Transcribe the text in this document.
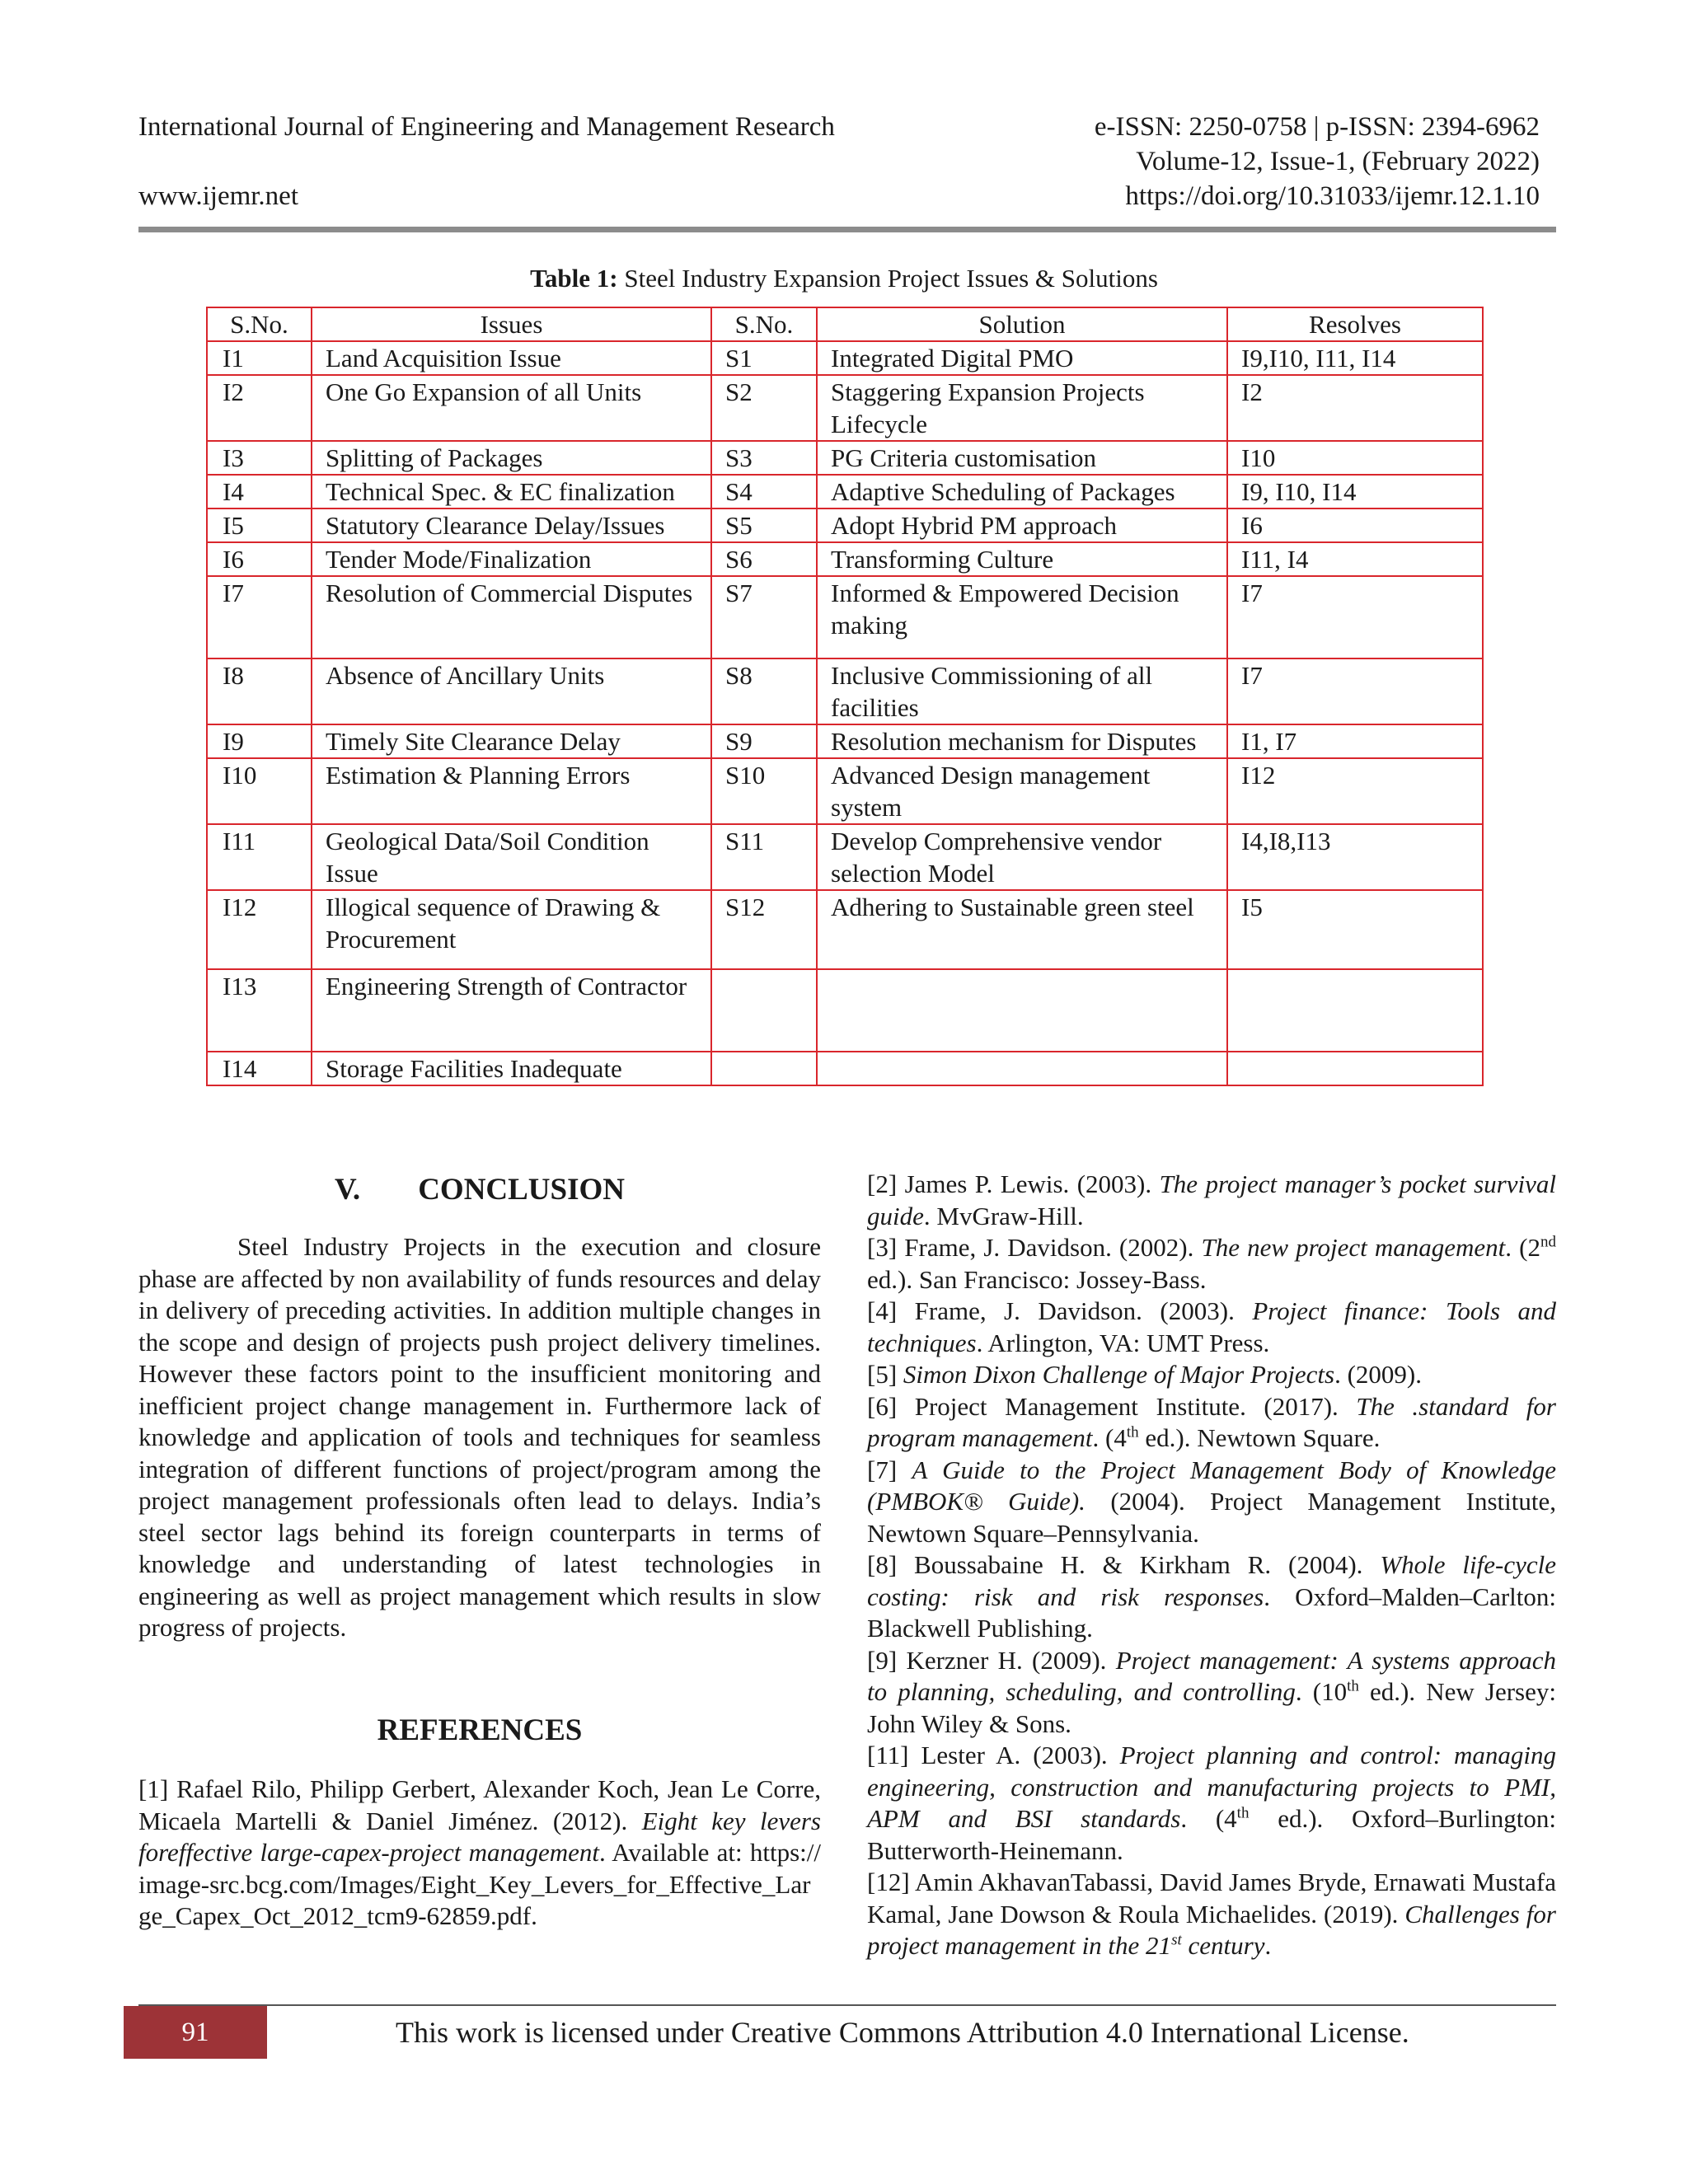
International Journal of Engineering and Management Research
www.ijemr.net
e-ISSN: 2250-0758 | p-ISSN: 2394-6962
Volume-12, Issue-1, (February 2022)
https://doi.org/10.31033/ijemr.12.1.10
Table 1: Steel Industry Expansion Project Issues & Solutions
S.No.	Issues	S.No.	Solution	Resolves
I1	Land Acquisition Issue	S1	Integrated Digital PMO	I9,I10, I11, I14
I2	One Go Expansion of all Units	S2	Staggering Expansion Projects Lifecycle	I2
I3	Splitting of Packages	S3	PG Criteria customisation	I10
I4	Technical Spec. & EC finalization	S4	Adaptive Scheduling of Packages	I9, I10, I14
I5	Statutory Clearance Delay/Issues	S5	Adopt Hybrid PM approach	I6
I6	Tender Mode/Finalization	S6	Transforming Culture	I11, I4
I7	Resolution of Commercial Disputes	S7	Informed & Empowered Decision making	I7
I8	Absence of Ancillary Units	S8	Inclusive Commissioning of all facilities	I7
I9	Timely Site Clearance Delay	S9	Resolution mechanism for Disputes	I1, I7
I10	Estimation & Planning Errors	S10	Advanced Design management system	I12
I11	Geological Data/Soil Condition Issue	S11	Develop Comprehensive vendor selection Model	I4,I8,I13
I12	Illogical sequence of Drawing & Procurement	S12	Adhering to Sustainable green steel	I5
I13	Engineering Strength of Contractor			
I14	Storage Facilities Inadequate			
V. CONCLUSION

Steel Industry Projects in the execution and closure phase are affected by non availability of funds resources and delay in delivery of preceding activities. In addition multiple changes in the scope and design of projects push project delivery timelines. However these factors point to the insufficient monitoring and inefficient project change management in. Furthermore lack of knowledge and application of tools and techniques for seamless integration of different functions of project/program among the project management professionals often lead to delays. India’s steel sector lags behind its foreign counterparts in terms of knowledge and understanding of latest technologies in engineering as well as project management which results in slow progress of projects.

REFERENCES

[1] Rafael Rilo, Philipp Gerbert, Alexander Koch, Jean Le Corre, Micaela Martelli & Daniel Jiménez. (2012). Eight key levers foreffective large-capex-project management. Available at: https://image-src.bcg.com/Images/Eight_Key_Levers_for_Effective_Large_Capex_Oct_2012_tcm9-62859.pdf.

[2] James P. Lewis. (2003). The project manager’s pocket survival guide. MvGraw-Hill.

[3] Frame, J. Davidson. (2002). The new project management. (2nd ed.). San Francisco: Jossey-Bass.

[4] Frame, J. Davidson. (2003). Project finance: Tools and techniques. Arlington, VA: UMT Press.

[5] Simon Dixon Challenge of Major Projects. (2009).

[6] Project Management Institute. (2017). The .standard for program management. (4th ed.). Newtown Square.

[7] A Guide to the Project Management Body of Knowledge (PMBOK® Guide). (2004). Project Management Institute, Newtown Square–Pennsylvania.

[8] Boussabaine H. & Kirkham R. (2004). Whole life-cycle costing: risk and risk responses. Oxford–Malden–Carlton: Blackwell Publishing.

[9] Kerzner H. (2009). Project management: A systems approach to planning, scheduling, and controlling. (10th ed.). New Jersey: John Wiley & Sons.

[11] Lester A. (2003). Project planning and control: managing engineering, construction and manufacturing projects to PMI, APM and BSI standards. (4th ed.). Oxford–Burlington: Butterworth-Heinemann.

[12] Amin AkhavanTabassi, David James Bryde, Ernawati Mustafa Kamal, Jane Dowson & Roula Michaelides. (2019). Challenges for project management in the 21st century.

91	This work is licensed under Creative Commons Attribution 4.0 International License.
